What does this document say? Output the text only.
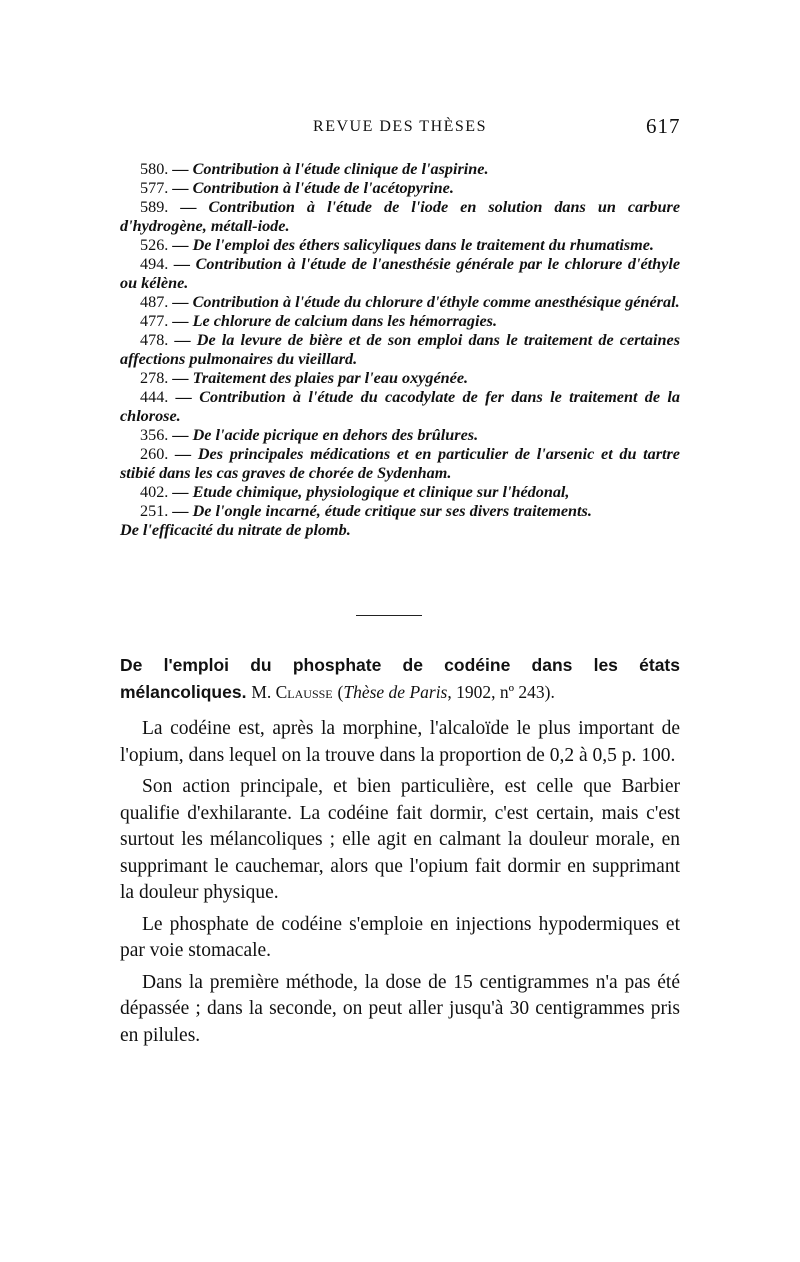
REVUE DES THÈSES	617

580. — Contribution à l'étude clinique de l'aspirine.

577. — Contribution à l'étude de l'acétopyrine.

589. — Contribution à l'étude de l'iode en solution dans un carbure d'hydrogène, métall-iode.

526. — De l'emploi des éthers salicyliques dans le traitement du rhumatisme.

494. — Contribution à l'étude de l'anesthésie générale par le chlorure d'éthyle ou kélène.

487. — Contribution à l'étude du chlorure d'éthyle comme anesthésique général.

477. — Le chlorure de calcium dans les hémorragies.

478. — De la levure de bière et de son emploi dans le traitement de certaines affections pulmonaires du vieillard.

278. — Traitement des plaies par l'eau oxygénée.

444. — Contribution à l'étude du cacodylate de fer dans le traitement de la chlorose.

356. — De l'acide picrique en dehors des brûlures.

260. — Des principales médications et en particulier de l'arsenic et du tartre stibié dans les cas graves de chorée de Sydenham.

402. — Etude chimique, physiologique et clinique sur l'hédonal,

251. — De l'ongle incarné, étude critique sur ses divers traitements.

De l'efficacité du nitrate de plomb.

De l'emploi du phosphate de codéine dans les états mélancoliques. M. Clausse (Thèse de Paris, 1902, nº 243).

La codéine est, après la morphine, l'alcaloïde le plus important de l'opium, dans lequel on la trouve dans la proportion de 0,2 à 0,5 p. 100.

Son action principale, et bien particulière, est celle que Barbier qualifie d'exhilarante. La codéine fait dormir, c'est certain, mais c'est surtout les mélancoliques ; elle agit en calmant la douleur morale, en supprimant le cauchemar, alors que l'opium fait dormir en supprimant la douleur physique.

Le phosphate de codéine s'emploie en injections hypodermiques et par voie stomacale.

Dans la première méthode, la dose de 15 centigrammes n'a pas été dépassée ; dans la seconde, on peut aller jusqu'à 30 centigrammes pris en pilules.
